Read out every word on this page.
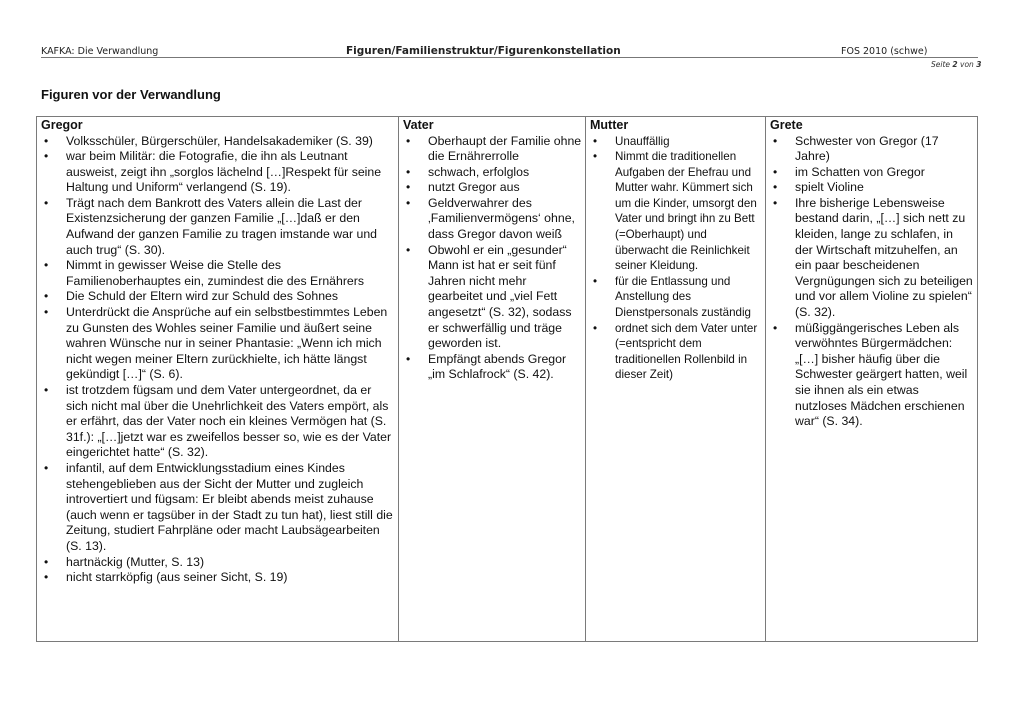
KAFKA: Die Verwandlung	Figuren/Familienstruktur/Figurenkonstellation	FOS 2010 (schwe)
Seite 2 von 3
Figuren vor der Verwandlung
Gregor
• Volksschüler, Bürgerschüler, Handelsakademiker (S. 39)
• war beim Militär: die Fotografie, die ihn als Leutnant ausweist, zeigt ihn „sorglos lächelnd […]Respekt für seine Haltung und Uniform“ verlangend (S. 19).
• Trägt nach dem Bankrott des Vaters allein die Last der Existenzsicherung der ganzen Familie „[…]daß er den Aufwand der ganzen Familie zu tragen imstande war und auch trug“ (S. 30).
• Nimmt in gewisser Weise die Stelle des Familienoberhauptes ein, zumindest die des Ernährers
• Die Schuld der Eltern wird zur Schuld des Sohnes
• Unterdrückt die Ansprüche auf ein selbstbestimmtes Leben zu Gunsten des Wohles seiner Familie und äußert seine wahren Wünsche nur in seiner Phantasie: „Wenn ich mich nicht wegen meiner Eltern zurückhielte, ich hätte längst gekündigt […]“ (S. 6).
• ist trotzdem fügsam und dem Vater untergeordnet, da er sich nicht mal über die Unehrlichkeit des Vaters empört, als er erfährt, das der Vater noch ein kleines Vermögen hat (S. 31f.): „[…]jetzt war es zweifellos besser so, wie es der Vater eingerichtet hatte“ (S. 32).
• infantil, auf dem Entwicklungsstadium eines Kindes stehengeblieben aus der Sicht der Mutter und zugleich introvertiert und fügsam: Er bleibt abends meist zuhause (auch wenn er tagsüber in der Stadt zu tun hat), liest still die Zeitung, studiert Fahrpläne oder macht Laubsägearbeiten (S. 13).
• hartnäckig (Mutter, S. 13)
• nicht starrköpfig (aus seiner Sicht, S. 19)

Vater
• Oberhaupt der Familie ohne die Ernährerrolle
• schwach, erfolglos
• nutzt Gregor aus
• Geldverwahrer des ‚Familienvermögens‘ ohne, dass Gregor davon weiß
• Obwohl er ein „gesunder“ Mann ist hat er seit fünf Jahren nicht mehr gearbeitet und „viel Fett angesetzt“ (S. 32), sodass er schwerfällig und träge geworden ist.
• Empfängt abends Gregor „im Schlafrock“ (S. 42).

Mutter
• Unauffällig
• Nimmt die traditionellen Aufgaben der Ehefrau und Mutter wahr. Kümmert sich um die Kinder, umsorgt den Vater und bringt ihn zu Bett (=Oberhaupt) und überwacht die Reinlichkeit seiner Kleidung.
• für die Entlassung und Anstellung des Dienstpersonals zuständig
• ordnet sich dem Vater unter (=entspricht dem traditionellen Rollenbild in dieser Zeit)

Grete
• Schwester von Gregor (17 Jahre)
• im Schatten von Gregor
• spielt Violine
• Ihre bisherige Lebensweise bestand darin, „[…] sich nett zu kleiden, lange zu schlafen, in der Wirtschaft mitzuhelfen, an ein paar bescheidenen Vergnügungen sich zu beteiligen und vor allem Violine zu spielen“ (S. 32).
• müßiggängerisches Leben als verwöhntes Bürgermädchen: „[…] bisher häufig über die Schwester geärgert hatten, weil sie ihnen als ein etwas nutzloses Mädchen erschienen war“ (S. 34).
